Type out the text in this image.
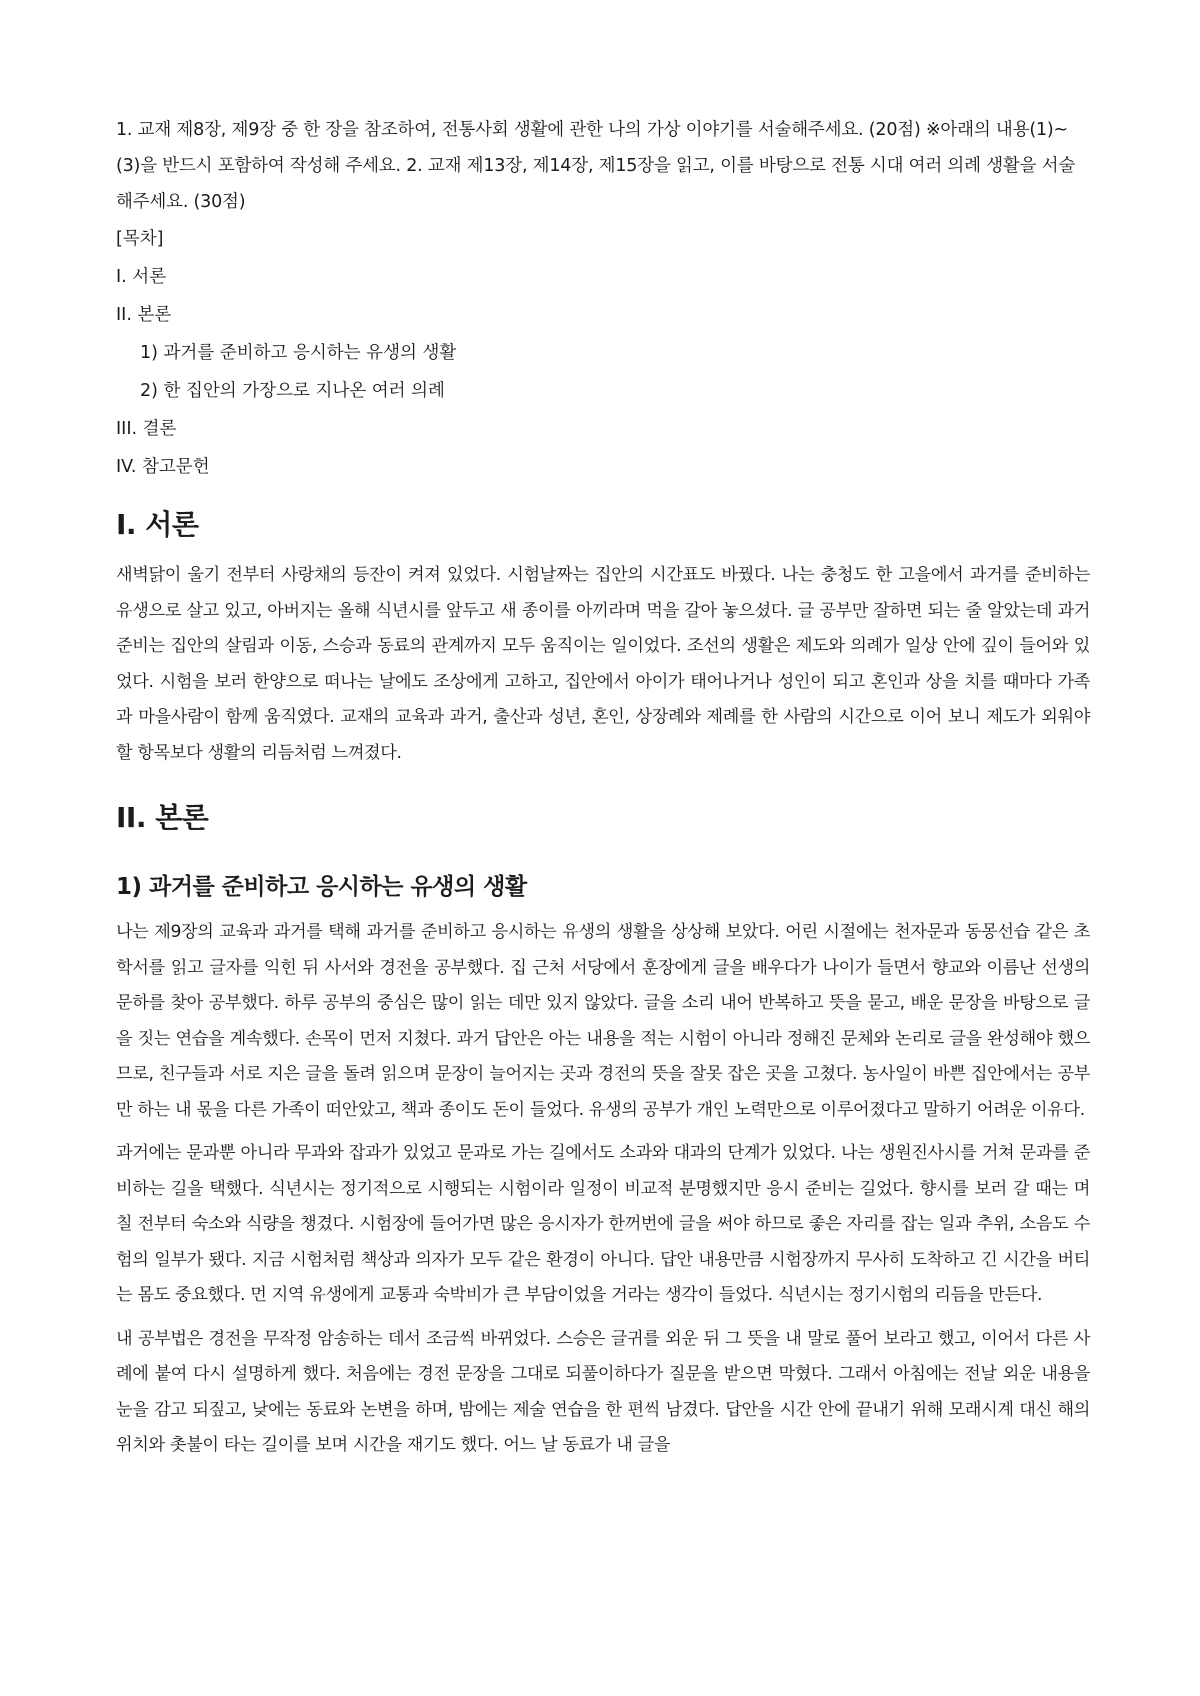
1. 교재 제8장, 제9장 중 한 장을 참조하여, 전통사회 생활에 관한 나의 가상 이야기를 서술해주세요. (20점) ※아래의 내용(1)~(3)을 반드시 포함하여 작성해 주세요. 2. 교재 제13장, 제14장, 제15장을 읽고, 이를 바탕으로 전통 시대 여러 의례 생활을 서술해주세요. (30점)

[목차]
I. 서론
II. 본론
1) 과거를 준비하고 응시하는 유생의 생활
2) 한 집안의 가장으로 지나온 여러 의례
III. 결론
IV. 참고문헌
I. 서론

새벽닭이 울기 전부터 사랑채의 등잔이 켜져 있었다. 시험날짜는 집안의 시간표도 바꿨다. 나는 충청도 한 고을에서 과거를 준비하는 유생으로 살고 있고, 아버지는 올해 식년시를 앞두고 새 종이를 아끼라며 먹을 갈아 놓으셨다. 글 공부만 잘하면 되는 줄 알았는데 과거 준비는 집안의 살림과 이동, 스승과 동료의 관계까지 모두 움직이는 일이었다. 조선의 생활은 제도와 의례가 일상 안에 깊이 들어와 있었다. 시험을 보러 한양으로 떠나는 날에도 조상에게 고하고, 집안에서 아이가 태어나거나 성인이 되고 혼인과 상을 치를 때마다 가족과 마을사람이 함께 움직였다. 교재의 교육과 과거, 출산과 성년, 혼인, 상장례와 제례를 한 사람의 시간으로 이어 보니 제도가 외워야 할 항목보다 생활의 리듬처럼 느껴졌다.

II. 본론
1) 과거를 준비하고 응시하는 유생의 생활

나는 제9장의 교육과 과거를 택해 과거를 준비하고 응시하는 유생의 생활을 상상해 보았다. 어린 시절에는 천자문과 동몽선습 같은 초학서를 읽고 글자를 익힌 뒤 사서와 경전을 공부했다. 집 근처 서당에서 훈장에게 글을 배우다가 나이가 들면서 향교와 이름난 선생의 문하를 찾아 공부했다. 하루 공부의 중심은 많이 읽는 데만 있지 않았다. 글을 소리 내어 반복하고 뜻을 묻고, 배운 문장을 바탕으로 글을 짓는 연습을 계속했다. 손목이 먼저 지쳤다. 과거 답안은 아는 내용을 적는 시험이 아니라 정해진 문체와 논리로 글을 완성해야 했으므로, 친구들과 서로 지은 글을 돌려 읽으며 문장이 늘어지는 곳과 경전의 뜻을 잘못 잡은 곳을 고쳤다. 농사일이 바쁜 집안에서는 공부만 하는 내 몫을 다른 가족이 떠안았고, 책과 종이도 돈이 들었다. 유생의 공부가 개인 노력만으로 이루어졌다고 말하기 어려운 이유다.

과거에는 문과뿐 아니라 무과와 잡과가 있었고 문과로 가는 길에서도 소과와 대과의 단계가 있었다. 나는 생원진사시를 거쳐 문과를 준비하는 길을 택했다. 식년시는 정기적으로 시행되는 시험이라 일정이 비교적 분명했지만 응시 준비는 길었다. 향시를 보러 갈 때는 며칠 전부터 숙소와 식량을 챙겼다. 시험장에 들어가면 많은 응시자가 한꺼번에 글을 써야 하므로 좋은 자리를 잡는 일과 추위, 소음도 수험의 일부가 됐다. 지금 시험처럼 책상과 의자가 모두 같은 환경이 아니다. 답안 내용만큼 시험장까지 무사히 도착하고 긴 시간을 버티는 몸도 중요했다. 먼 지역 유생에게 교통과 숙박비가 큰 부담이었을 거라는 생각이 들었다. 식년시는 정기시험의 리듬을 만든다.

내 공부법은 경전을 무작정 암송하는 데서 조금씩 바뀌었다. 스승은 글귀를 외운 뒤 그 뜻을 내 말로 풀어 보라고 했고, 이어서 다른 사례에 붙여 다시 설명하게 했다. 처음에는 경전 문장을 그대로 되풀이하다가 질문을 받으면 막혔다. 그래서 아침에는 전날 외운 내용을 눈을 감고 되짚고, 낮에는 동료와 논변을 하며, 밤에는 제술 연습을 한 편씩 남겼다. 답안을 시간 안에 끝내기 위해 모래시계 대신 해의 위치와 촛불이 타는 길이를 보며 시간을 재기도 했다. 어느 날 동료가 내 글을
